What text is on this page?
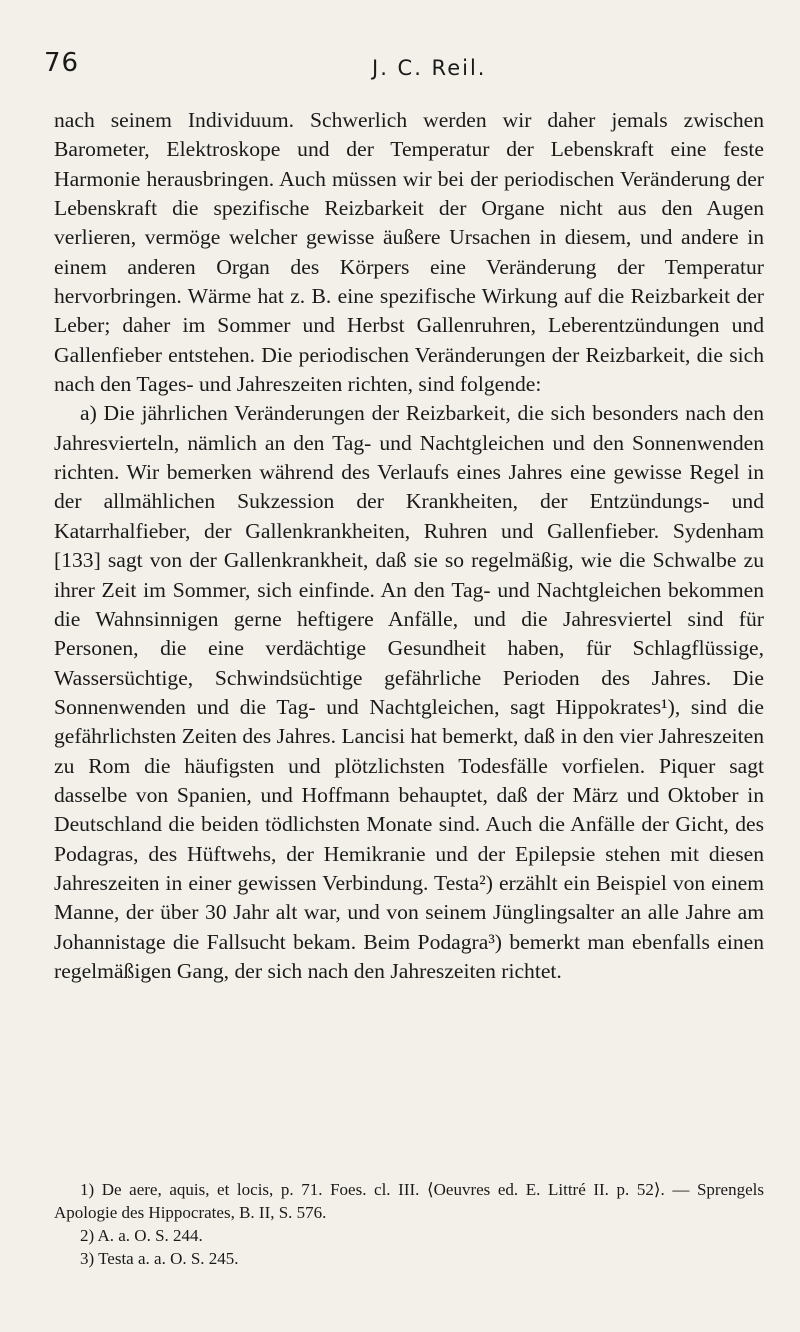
76	J. C. Reil.

nach seinem Individuum. Schwerlich werden wir daher jemals zwischen Barometer, Elektroskope und der Temperatur der Lebenskraft eine feste Harmonie herausbringen. Auch müssen wir bei der periodischen Veränderung der Lebenskraft die spezifische Reizbarkeit der Organe nicht aus den Augen verlieren, vermöge welcher gewisse äußere Ursachen in diesem, und andere in einem anderen Organ des Körpers eine Veränderung der Temperatur hervorbringen. Wärme hat z. B. eine spezifische Wirkung auf die Reizbarkeit der Leber; daher im Sommer und Herbst Gallenruhren, Leberentzündungen und Gallenfieber entstehen. Die periodischen Veränderungen der Reizbarkeit, die sich nach den Tages- und Jahreszeiten richten, sind folgende:

a) Die jährlichen Veränderungen der Reizbarkeit, die sich besonders nach den Jahresvierteln, nämlich an den Tag- und Nachtgleichen und den Sonnenwenden richten. Wir bemerken während des Verlaufs eines Jahres eine gewisse Regel in der allmählichen Sukzession der Krankheiten, der Entzündungs- und Katarrhalfieber, der Gallenkrankheiten, Ruhren und Gallenfieber. Sydenham [133] sagt von der Gallenkrankheit, daß sie so regelmäßig, wie die Schwalbe zu ihrer Zeit im Sommer, sich einfinde. An den Tag- und Nachtgleichen bekommen die Wahnsinnigen gerne heftigere Anfälle, und die Jahresviertel sind für Personen, die eine verdächtige Gesundheit haben, für Schlagflüssige, Wassersüchtige, Schwindsüchtige gefährliche Perioden des Jahres. Die Sonnenwenden und die Tag- und Nachtgleichen, sagt Hippokrates¹), sind die gefährlichsten Zeiten des Jahres. Lancisi hat bemerkt, daß in den vier Jahreszeiten zu Rom die häufigsten und plötzlichsten Todesfälle vorfielen. Piquer sagt dasselbe von Spanien, und Hoffmann behauptet, daß der März und Oktober in Deutschland die beiden tödlichsten Monate sind. Auch die Anfälle der Gicht, des Podagras, des Hüftwehs, der Hemikranie und der Epilepsie stehen mit diesen Jahreszeiten in einer gewissen Verbindung. Testa²) erzählt ein Beispiel von einem Manne, der über 30 Jahr alt war, und von seinem Jünglingsalter an alle Jahre am Johannistage die Fallsucht bekam. Beim Podagra³) bemerkt man ebenfalls einen regelmäßigen Gang, der sich nach den Jahreszeiten richtet.

1) De aere, aquis, et locis, p. 71. Foes. cl. III. ⟨Oeuvres ed. E. Littré II. p. 52⟩. — Sprengels Apologie des Hippocrates, B. II, S. 576.

2) A. a. O. S. 244.

3) Testa a. a. O. S. 245.
